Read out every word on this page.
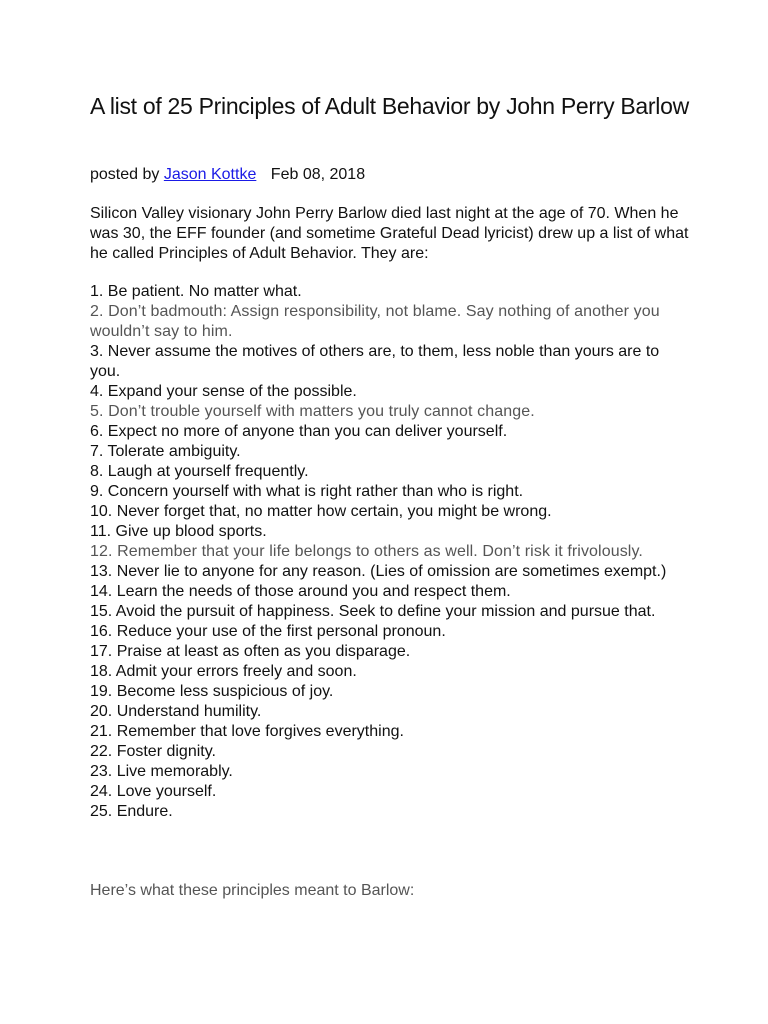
A list of 25 Principles of Adult Behavior by John Perry Barlow
posted by Jason Kottke Feb 08, 2018

Silicon Valley visionary John Perry Barlow died last night at the age of 70. When he was 30, the EFF founder (and sometime Grateful Dead lyricist) drew up a list of what he called Principles of Adult Behavior. They are:

1. Be patient. No matter what.
2. Don’t badmouth: Assign responsibility, not blame. Say nothing of another you wouldn’t say to him.
3. Never assume the motives of others are, to them, less noble than yours are to you.
4. Expand your sense of the possible.
5. Don’t trouble yourself with matters you truly cannot change.
6. Expect no more of anyone than you can deliver yourself.
7. Tolerate ambiguity.
8. Laugh at yourself frequently.
9. Concern yourself with what is right rather than who is right.
10. Never forget that, no matter how certain, you might be wrong.
11. Give up blood sports.
12. Remember that your life belongs to others as well. Don’t risk it frivolously.
13. Never lie to anyone for any reason. (Lies of omission are sometimes exempt.)
14. Learn the needs of those around you and respect them.
15. Avoid the pursuit of happiness. Seek to define your mission and pursue that.
16. Reduce your use of the first personal pronoun.
17. Praise at least as often as you disparage.
18. Admit your errors freely and soon.
19. Become less suspicious of joy.
20. Understand humility.
21. Remember that love forgives everything.
22. Foster dignity.
23. Live memorably.
24. Love yourself.
25. Endure.

Here’s what these principles meant to Barlow:
